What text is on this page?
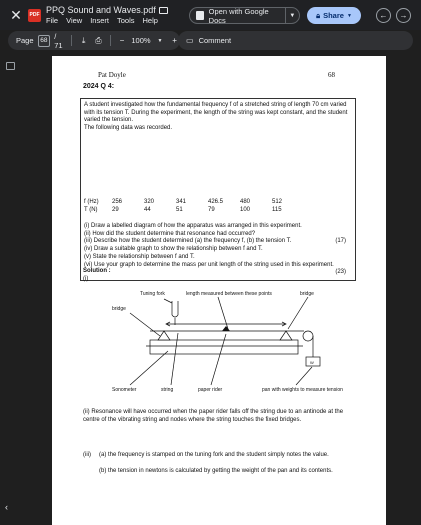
✕	PDF PPQ Sound and Waves.pdf
File View Insert Tools Help
Open with Google Docs	▼	🔒︎ Share ▼	←	→
Page	68 / 71
⤓	⎙	− 100%	▼	+	▭ Comment
‹
Pat Doyle	68
2024 Q 4:
A student investigated how the fundamental frequency f of a stretched string of length 70 cm varied with its tension T. During the experiment, the length of the string was kept constant, and the student varied the tension.
The following data was recorded.
f (Hz)	256	320	341	426.5	480	512
T (N)	29	44	51	79	100	115
(i) Draw a labelled diagram of how the apparatus was arranged in this experiment.
(ii) How did the student determine that resonance had occurred?
(iii) Describe how the student determined (a) the frequency f, (b) the tension T.	(17)
(iv) Draw a suitable graph to show the relationship between f and T.
(v) State the relationship between f and T.
(vi) Use your graph to determine the mass per unit length of the string used in this experiment.
(23)
Solution :
(i)
Tuning fork	length measured between these points	bridge
bridge
Sonometer	string	paper rider	pan with weights to measure tension
W
(ii) Resonance will have occurred when the paper rider falls off the string due to an antinode at the centre of the vibrating string and nodes where the string touches the fixed bridges.
(iii) (a) the frequency is stamped on the tuning fork and the student simply notes the value.
(b) the tension in newtons is calculated by getting the weight of the pan and its contents.
